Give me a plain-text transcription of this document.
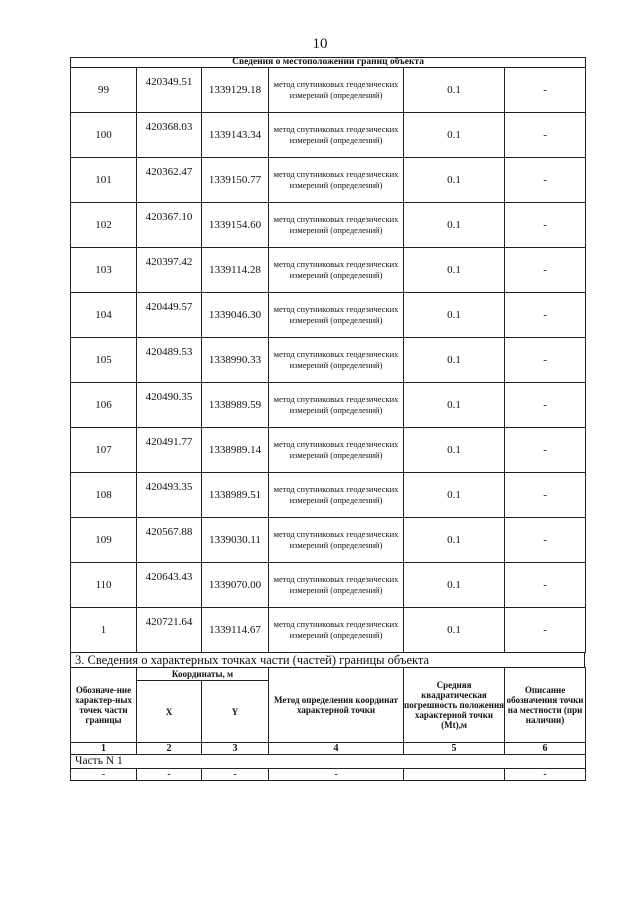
10
Сведения о местоположении границ объекта					
99	420349.51	1339129.18	метод спутниковых геодезических измерений (определений)	0.1	-
100	420368.03	1339143.34	метод спутниковых геодезических измерений (определений)	0.1	-
101	420362.47	1339150.77	метод спутниковых геодезических измерений (определений)	0.1	-
102	420367.10	1339154.60	метод спутниковых геодезических измерений (определений)	0.1	-
103	420397.42	1339114.28	метод спутниковых геодезических измерений (определений)	0.1	-
104	420449.57	1339046.30	метод спутниковых геодезических измерений (определений)	0.1	-
105	420489.53	1338990.33	метод спутниковых геодезических измерений (определений)	0.1	-
106	420490.35	1338989.59	метод спутниковых геодезических измерений (определений)	0.1	-
107	420491.77	1338989.14	метод спутниковых геодезических измерений (определений)	0.1	-
108	420493.35	1338989.51	метод спутниковых геодезических измерений (определений)	0.1	-
109	420567.88	1339030.11	метод спутниковых геодезических измерений (определений)	0.1	-
110	420643.43	1339070.00	метод спутниковых геодезических измерений (определений)	0.1	-
1	420721.64	1339114.67	метод спутниковых геодезических измерений (определений)	0.1	-
3. Сведения о характерных точках части (частей) границы объекта
Обозначе-ние характер-ных точек части границы	Координаты, м		Метод определения координат характерной точки	Средняя квадратическая погрешность положения характерной точки (Мt),м	Описание обозначения точки на местности (при наличии)
	X	Y			
1	2	3	4	5	6
Часть N 1					
-	-	-	-		-
